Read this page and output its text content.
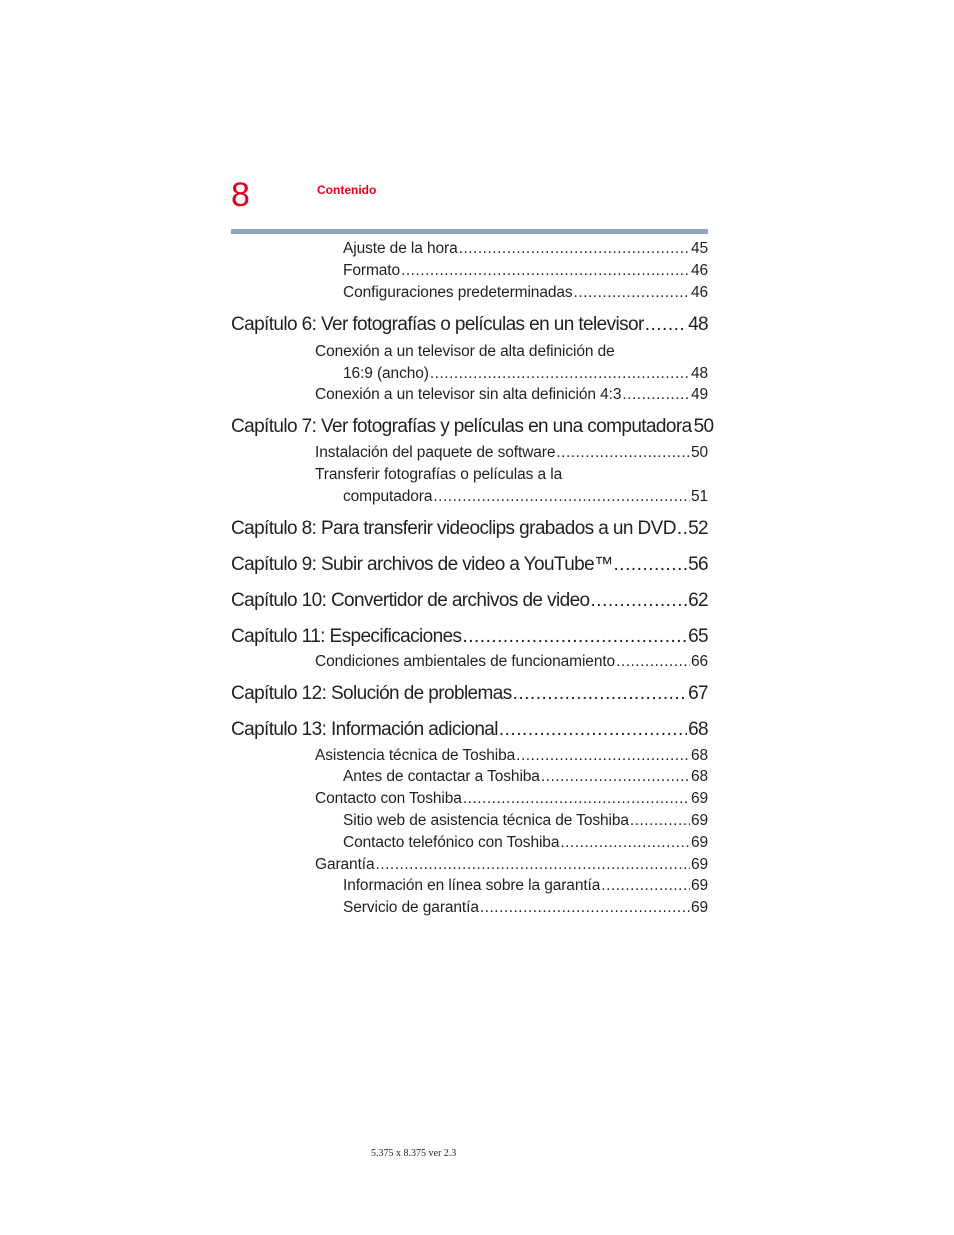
8	Contenido
Ajuste de la hora .....	45
Formato .....	46
Configuraciones predeterminadas .....	46
Capítulo 6: Ver fotografías o películas en un televisor ..... 48
Conexión a un televisor de alta definición de
16:9 (ancho) .....	48
Conexión a un televisor sin alta definición 4:3 .....	49
Capítulo 7: Ver fotografías y películas en una computadora 50
Instalación del paquete de software .....	50
Transferir fotografías o películas a la
computadora .....	51
Capítulo 8: Para transferir videoclips grabados a un DVD ..... 52
Capítulo 9: Subir archivos de video a YouTube™ .....	56
Capítulo 10: Convertidor de archivos de video .....	62
Capítulo 11: Especificaciones .....	65
Condiciones ambientales de funcionamiento .....	66
Capítulo 12: Solución de problemas .....	67
Capítulo 13: Información adicional .....	68
Asistencia técnica de Toshiba .....	68
Antes de contactar a Toshiba .....	68
Contacto con Toshiba .....	69
Sitio web de asistencia técnica de Toshiba .....	69
Contacto telefónico con Toshiba .....	69
Garantía .....	69
Información en línea sobre la garantía .....	69
Servicio de garantía .....	69
5.375 x 8.375 ver 2.3
